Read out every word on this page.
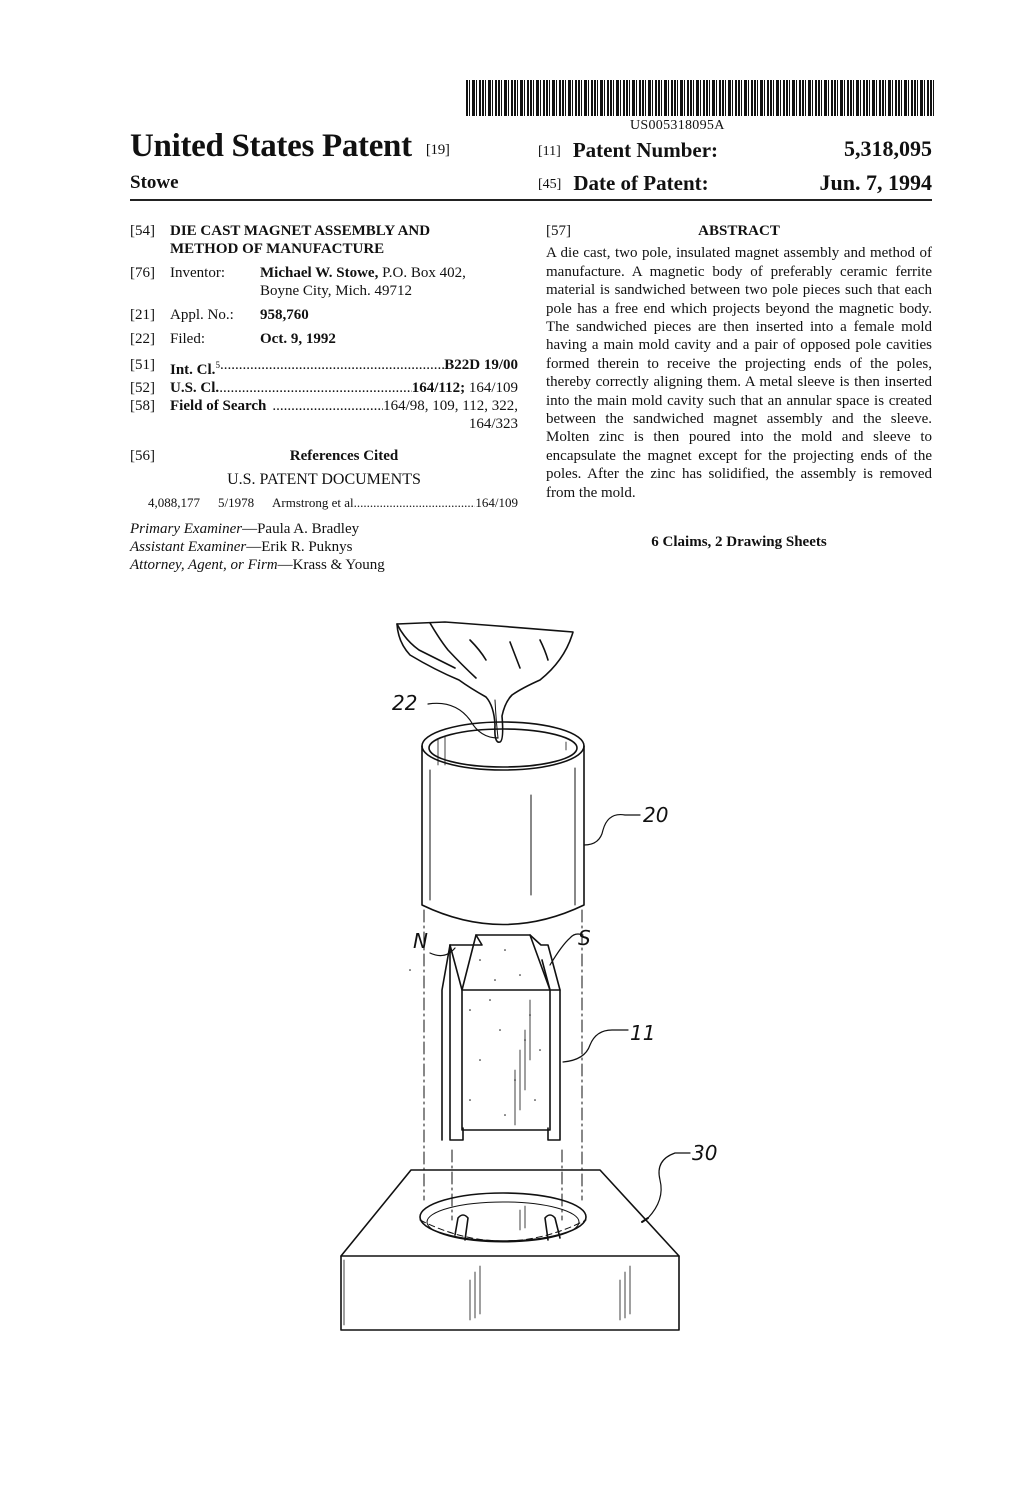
US005318095A
United States Patent [19]
Stowe
[11] Patent Number:	5,318,095
[45] Date of Patent:	Jun. 7, 1994
[54]	DIE CAST MAGNET ASSEMBLY AND
METHOD OF MANUFACTURE
[76]	Inventor:	Michael W. Stowe, P.O. Box 402,
Boyne City, Mich. 49712
[21]	Appl. No.:	958,760
[22]	Filed:	Oct. 9, 1992
[51]	Int. Cl.$^5$ .....	B22D 19/00
[52]	U.S. Cl. .....	164/112; 164/109
[58]	Field of Search .....	164/98, 109, 112, 322,
164/323
[56]	References Cited
U.S. PATENT DOCUMENTS
4,088,177	5/1978	Armstrong et al. .....	164/109
Primary Examiner—Paula A. Bradley
Assistant Examiner—Erik R. Puknys
Attorney, Agent, or Firm—Krass & Young
[57]	ABSTRACT

A die cast, two pole, insulated magnet assembly and method of manufacture. A magnetic body of preferably ceramic ferrite material is sandwiched between two pole pieces such that each pole has a free end which projects beyond the magnetic body. The sandwiched pieces are then inserted into a female mold having a main mold cavity and a pair of opposed pole cavities formed therein to receive the projecting ends of the poles, thereby correctly aligning them. A metal sleeve is then inserted into the main mold cavity such that an annular space is created between the sandwiched magnet assembly and the sleeve. Molten zinc is then poured into the mold and sleeve to encapsulate the magnet except for the projecting ends of the poles. After the zinc has solidified, the assembly is removed from the mold.

6 Claims, 2 Drawing Sheets
22
20
N	S
11
30
